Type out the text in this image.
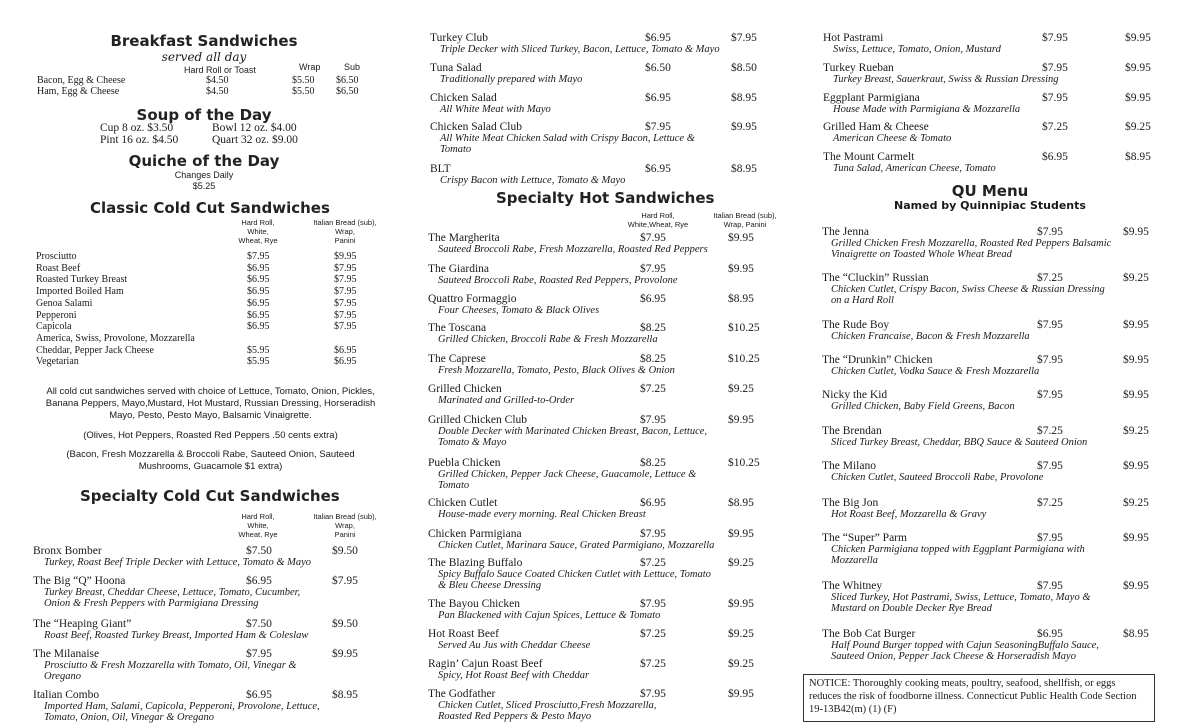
Breakfast Sandwiches
served all day
Hard Roll or Toast	Wrap	Sub
Bacon, Egg & Cheese	$4.50	$5.50 $6.50
Ham, Egg & Cheese	$4.50	$5.50 $6.50
Soup of the Day
Cup 8 oz. $3.50	Bowl 12 oz. $4.00
Pint 16 oz. $4.50	Quart 32 oz. $9.00
Quiche of the Day
Changes Daily
$5.25
Classic Cold Cut Sandwiches
Hard Roll,
White,
Wheat, Rye
Italian Bread (sub),
Wrap,
Panini
Prosciutto	$7.95	$9.95
Roast Beef	$6.95	$7.95
Roasted Turkey Breast	$6.95	$7.95
Imported Boiled Ham	$6.95	$7.95
Genoa Salami	$6.95	$7.95
Pepperoni	$6.95	$7.95
Capicola	$6.95	$7.95
America, Swiss, Provolone, Mozzarella
Cheddar, Pepper Jack Cheese	$5.95	$6.95
Vegetarian	$5.95	$6.95
All cold cut sandwiches served with choice of Lettuce, Tomato, Onion, Pickles, Banana Peppers, Mayo,Mustard, Hot Mustard, Russian Dressing, Horseradish Mayo, Pesto, Pesto Mayo, Balsamic Vinaigrette.
(Olives, Hot Peppers, Roasted Red Peppers .50 cents extra)
(Bacon, Fresh Mozzarella & Broccoli Rabe, Sauteed Onion, Sauteed Mushrooms, Guacamole $1 extra)
Specialty Cold Cut Sandwiches
Hard Roll,
White,
Wheat, Rye
Italian Bread (sub),
Wrap,
Panini
Bronx Bomber	$7.50	$9.50
Turkey, Roast Beef Triple Decker with Lettuce, Tomato & Mayo
The Big “Q” Hoona	$6.95	$7.95
Turkey Breast, Cheddar Cheese, Lettuce, Tomato, Cucumber,
Onion & Fresh Peppers with Parmigiana Dressing
The “Heaping Giant”	$7.50	$9.50
Roast Beef, Roasted Turkey Breast, Imported Ham & Coleslaw
The Milanaise	$7.95	$9.95
Prosciutto & Fresh Mozzarella with Tomato, Oil, Vinegar &
Oregano
Italian Combo	$6.95	$8.95
Imported Ham, Salami, Capicola, Pepperoni, Provolone, Lettuce,
Tomato, Onion, Oil, Vinegar & Oregano
Turkey Club	$6.95	$7.95
Triple Decker with Sliced Turkey, Bacon, Lettuce, Tomato & Mayo
Tuna Salad	$6.50	$8.50
Traditionally prepared with Mayo
Chicken Salad	$6.95	$8.95
All White Meat with Mayo
Chicken Salad Club	$7.95	$9.95
All White Meat Chicken Salad with Crispy Bacon, Lettuce &
Tomato
BLT	$6.95	$8.95
Crispy Bacon with Lettuce, Tomato & Mayo
Specialty Hot Sandwiches
Hard Roll,
White,Wheat, Rye
Italian Bread (sub),
Wrap, Panini
The Margherita	$7.95	$9.95
Sauteed Broccoli Rabe, Fresh Mozzarella, Roasted Red Peppers
The Giardina	$7.95	$9.95
Sauteed Broccoli Rabe, Roasted Red Peppers, Provolone
Quattro Formaggio	$6.95	$8.95
Four Cheeses, Tomato & Black Olives
The Toscana	$8.25	$10.25
Grilled Chicken, Broccoli Rabe & Fresh Mozzarella
The Caprese	$8.25	$10.25
Fresh Mozzarella, Tomato, Pesto, Black Olives & Onion
Grilled Chicken	$7.25	$9.25
Marinated and Grilled-to-Order
Grilled Chicken Club	$7.95	$9.95
Double Decker with Marinated Chicken Breast, Bacon, Lettuce,
Tomato & Mayo
Puebla Chicken	$8.25	$10.25
Grilled Chicken, Pepper Jack Cheese, Guacamole, Lettuce &
Tomato
Chicken Cutlet	$6.95	$8.95
House-made every morning. Real Chicken Breast
Chicken Parmigiana	$7.95	$9.95
Chicken Cutlet, Marinara Sauce, Grated Parmigiano, Mozzarella
The Blazing Buffalo	$7.25	$9.25
Spicy Buffalo Sauce Coated Chicken Cutlet with Lettuce, Tomato
& Bleu Cheese Dressing
The Bayou Chicken	$7.95	$9.95
Pan Blackened with Cajun Spices, Lettuce & Tomato
Hot Roast Beef	$7.25	$9.25
Served Au Jus with Cheddar Cheese
Ragin’ Cajun Roast Beef	$7.25	$9.25
Spicy, Hot Roast Beef with Cheddar
The Godfather	$7.95	$9.95
Chicken Cutlet, Sliced Prosciutto,Fresh Mozzarella,
Roasted Red Peppers & Pesto Mayo
Hot Pastrami	$7.95	$9.95
Swiss, Lettuce, Tomato, Onion, Mustard
Turkey Rueban	$7.95	$9.95
Turkey Breast, Sauerkraut, Swiss & Russian Dressing
Eggplant Parmigiana	$7.95	$9.95
House Made with Parmigiana & Mozzarella
Grilled Ham & Cheese	$7.25	$9.25
American Cheese & Tomato
The Mount Carmelt	$6.95	$8.95
Tuna Salad, American Cheese, Tomato
QU Menu
Named by Quinnipiac Students
The Jenna	$7.95	$9.95
Grilled Chicken Fresh Mozzarella, Roasted Red Peppers Balsamic
Vinaigrette on Toasted Whole Wheat Bread
The “Cluckin” Russian	$7.25	$9.25
Chicken Cutlet, Crispy Bacon, Swiss Cheese & Russian Dressing
on a Hard Roll
The Rude Boy	$7.95	$9.95
Chicken Francaise, Bacon & Fresh Mozzarella
The “Drunkin” Chicken	$7.95	$9.95
Chicken Cutlet, Vodka Sauce & Fresh Mozzarella
Nicky the Kid	$7.95	$9.95
Grilled Chicken, Baby Field Greens, Bacon
The Brendan	$7.25	$9.25
Sliced Turkey Breast, Cheddar, BBQ Sauce & Sauteed Onion
The Milano	$7.95	$9.95
Chicken Cutlet, Sauteed Broccoli Rabe, Provolone
The Big Jon	$7.25	$9.25
Hot Roast Beef, Mozzarella & Gravy
The “Super” Parm	$7.95	$9.95
Chicken Parmigiana topped with Eggplant Parmigiana with
Mozzarella
The Whitney	$7.95	$9.95
Sliced Turkey, Hot Pastrami, Swiss, Lettuce, Tomato, Mayo &
Mustard on Double Decker Rye Bread
The Bob Cat Burger	$6.95	$8.95
Half Pound Burger topped with Cajun SeasoningBuffalo Sauce,
Sauteed Onion, Pepper Jack Cheese & Horseradish Mayo
NOTICE: Thoroughly cooking meats, poultry, seafood, shellfish, or eggs reduces the risk of foodborne illness. Connecticut Public Health Code Section 19-13B42(m) (1) (F)
